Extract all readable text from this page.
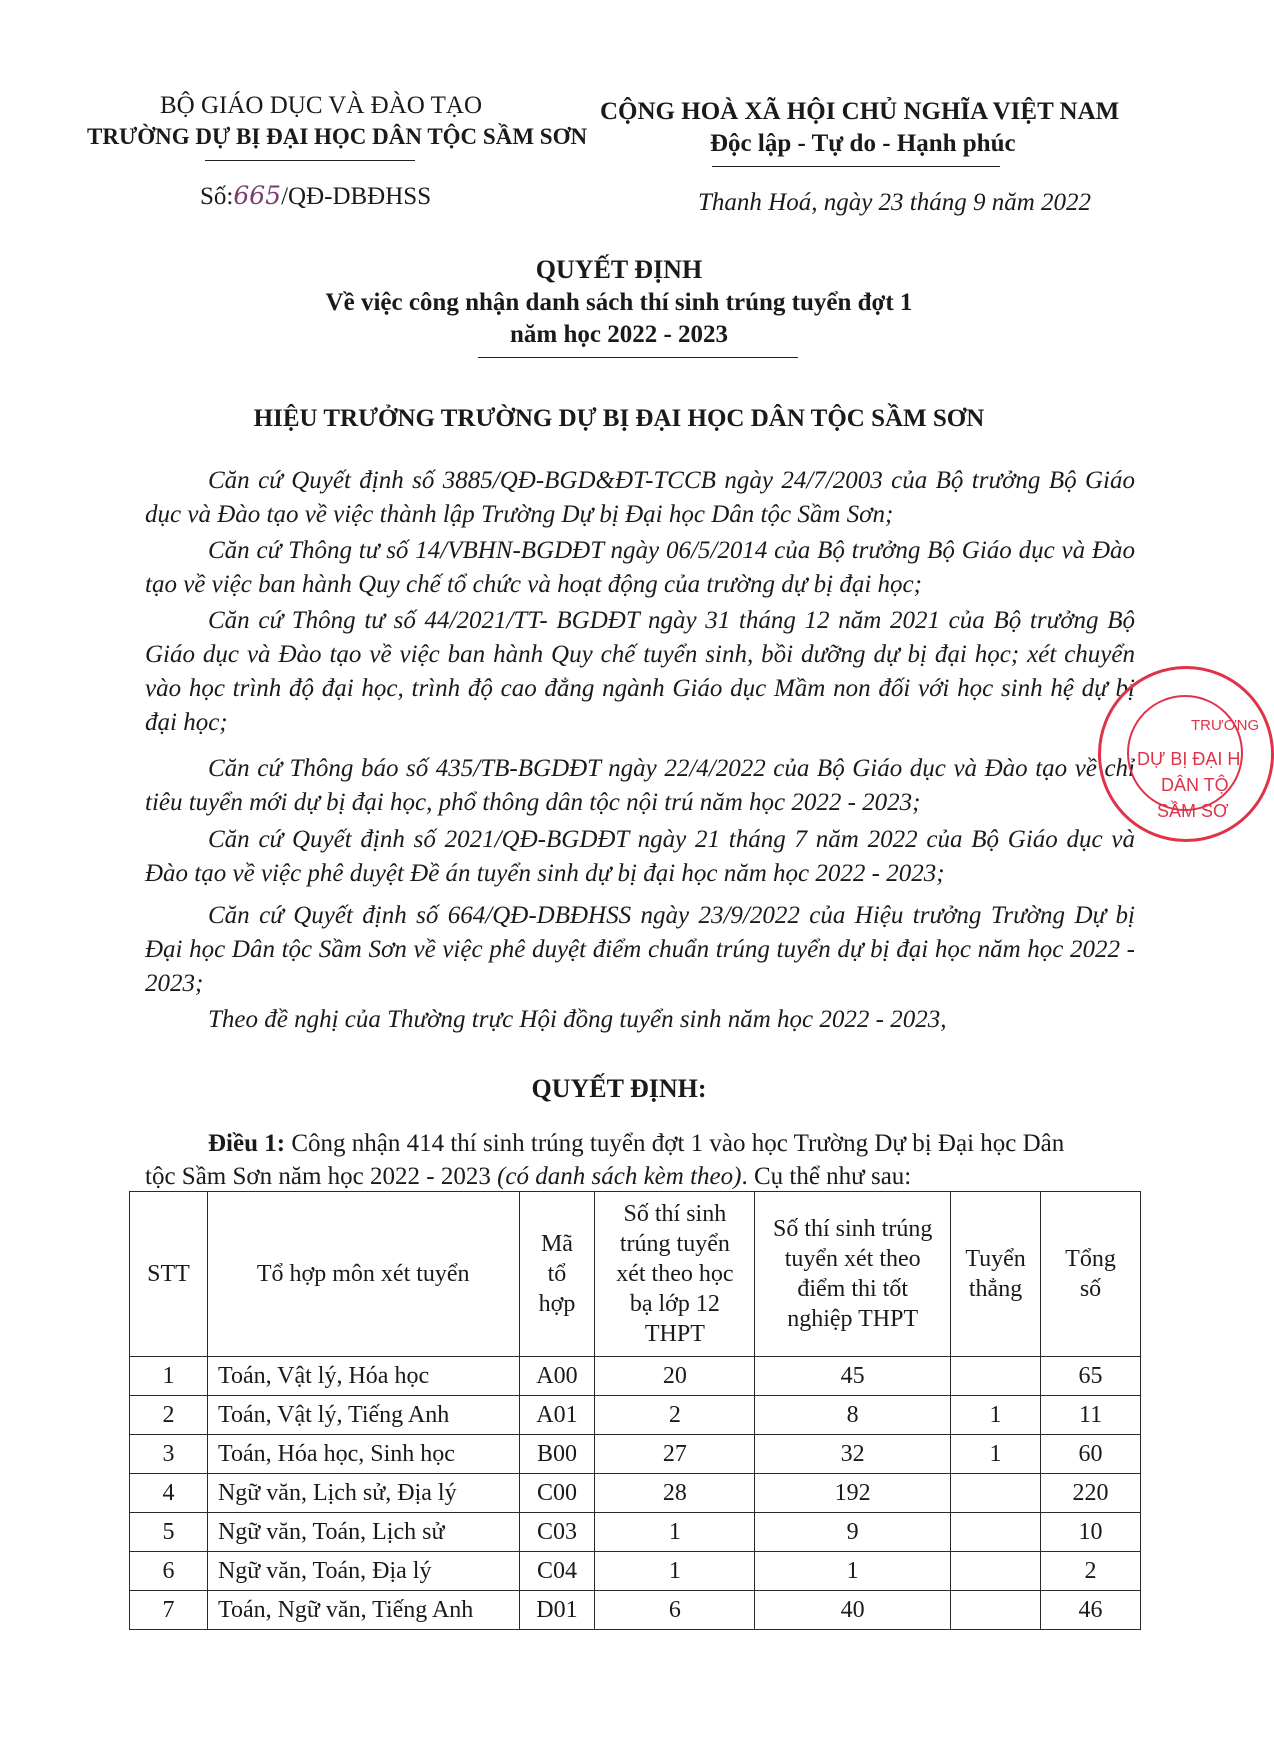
BỘ GIÁO DỤC VÀ ĐÀO TẠO
TRƯỜNG DỰ BỊ ĐẠI HỌC DÂN TỘC SẦM SƠN
CỘNG HOÀ XÃ HỘI CHỦ NGHĨA VIỆT NAM
Độc lập - Tự do - Hạnh phúc
Số:665/QĐ-DBĐHSS	Thanh Hoá, ngày 23 tháng 9 năm 2022
QUYẾT ĐỊNH
Về việc công nhận danh sách thí sinh trúng tuyển đợt 1
năm học 2022 - 2023
HIỆU TRƯỞNG TRƯỜNG DỰ BỊ ĐẠI HỌC DÂN TỘC SẦM SƠN
Căn cứ Quyết định số 3885/QĐ-BGD&ĐT-TCCB ngày 24/7/2003 của Bộ trưởng Bộ Giáo dục và Đào tạo về việc thành lập Trường Dự bị Đại học Dân tộc Sầm Sơn;
Căn cứ Thông tư số 14/VBHN-BGDĐT ngày 06/5/2014 của Bộ trưởng Bộ Giáo dục và Đào tạo về việc ban hành Quy chế tổ chức và hoạt động của trường dự bị đại học;
Căn cứ Thông tư số 44/2021/TT- BGDĐT ngày 31 tháng 12 năm 2021 của Bộ trưởng Bộ Giáo dục và Đào tạo về việc ban hành Quy chế tuyển sinh, bồi dưỡng dự bị đại học; xét chuyển vào học trình độ đại học, trình độ cao đẳng ngành Giáo dục Mầm non đối với học sinh hệ dự bị đại học;
Căn cứ Thông báo số 435/TB-BGDĐT ngày 22/4/2022 của Bộ Giáo dục và Đào tạo về chỉ tiêu tuyển mới dự bị đại học, phổ thông dân tộc nội trú năm học 2022 - 2023;
Căn cứ Quyết định số 2021/QĐ-BGDĐT ngày 21 tháng 7 năm 2022 của Bộ Giáo dục và Đào tạo về việc phê duyệt Đề án tuyển sinh dự bị đại học năm học 2022 - 2023;
Căn cứ Quyết định số 664/QĐ-DBĐHSS ngày 23/9/2022 của Hiệu trưởng Trường Dự bị Đại học Dân tộc Sầm Sơn về việc phê duyệt điểm chuẩn trúng tuyển dự bị đại học năm học 2022 - 2023;
Theo đề nghị của Thường trực Hội đồng tuyển sinh năm học 2022 - 2023,
QUYẾT ĐỊNH:
Điều 1: Công nhận 414 thí sinh trúng tuyển đợt 1 vào học Trường Dự bị Đại học Dân
tộc Sầm Sơn năm học 2022 - 2023 (có danh sách kèm theo). Cụ thể như sau:
STT	Tổ hợp môn xét tuyển	Mã
tổ
hợp	Số thí sinh
trúng tuyển
xét theo học
bạ lớp 12
THPT	Số thí sinh trúng
tuyển xét theo
điểm thi tốt
nghiệp THPT	Tuyển
thẳng	Tổng
số
1	Toán, Vật lý, Hóa học	A00	20	45		65
2	Toán, Vật lý, Tiếng Anh	A01	2	8	1	11
3	Toán, Hóa học, Sinh học	B00	27	32	1	60
4	Ngữ văn, Lịch sử, Địa lý	C00	28	192		220
5	Ngữ văn, Toán, Lịch sử	C03	1	9		10
6	Ngữ văn, Toán, Địa lý	C04	1	1		2
7	Toán, Ngữ văn, Tiếng Anh	D01	6	40		46
TRƯỜNG
DỰ BỊ ĐẠI H
DÂN TỘ
SẦM SƠ
